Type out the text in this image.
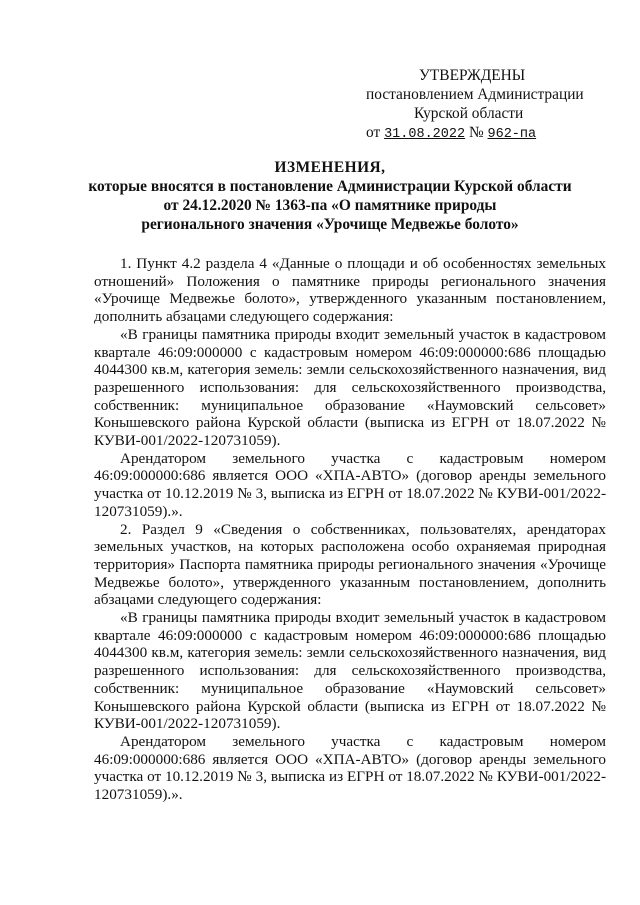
УТВЕРЖДЕНЫ
постановлением Администрации
Курской области
от 31.08.2022 № 962-па
ИЗМЕНЕНИЯ,
которые вносятся в постановление Администрации Курской области
от 24.12.2020 № 1363-па «О памятнике природы
регионального значения «Урочище Медвежье болото»

1. Пункт 4.2 раздела 4 «Данные о площади и об особенностях земельных отношений» Положения о памятнике природы регионального значения «Урочище Медвежье болото», утвержденного указанным постановлением, дополнить абзацами следующего содержания:

«В границы памятника природы входит земельный участок в кадастровом квартале 46:09:000000 с кадастровым номером 46:09:000000:686 площадью 4044300 кв.м, категория земель: земли сельскохозяйственного назначения, вид разрешенного использования: для сельскохозяйственного производства, собственник: муниципальное образование «Наумовский сельсовет» Конышевского района Курской области (выписка из ЕГРН от 18.07.2022 № КУВИ-001/2022-120731059).

Арендатором земельного участка с кадастровым номером 46:09:000000:686 является ООО «ХПА-АВТО» (договор аренды земельного участка от 10.12.2019 № 3, выписка из ЕГРН от 18.07.2022 № КУВИ-001/2022-120731059).».

2. Раздел 9 «Сведения о собственниках, пользователях, арендаторах земельных участков, на которых расположена особо охраняемая природная территория» Паспорта памятника природы регионального значения «Урочище Медвежье болото», утвержденного указанным постановлением, дополнить абзацами следующего содержания:

«В границы памятника природы входит земельный участок в кадастровом квартале 46:09:000000 с кадастровым номером 46:09:000000:686 площадью 4044300 кв.м, категория земель: земли сельскохозяйственного назначения, вид разрешенного использования: для сельскохозяйственного производства, собственник: муниципальное образование «Наумовский сельсовет» Конышевского района Курской области (выписка из ЕГРН от 18.07.2022 № КУВИ-001/2022-120731059).

Арендатором земельного участка с кадастровым номером 46:09:000000:686 является ООО «ХПА-АВТО» (договор аренды земельного участка от 10.12.2019 № 3, выписка из ЕГРН от 18.07.2022 № КУВИ-001/2022-120731059).».
